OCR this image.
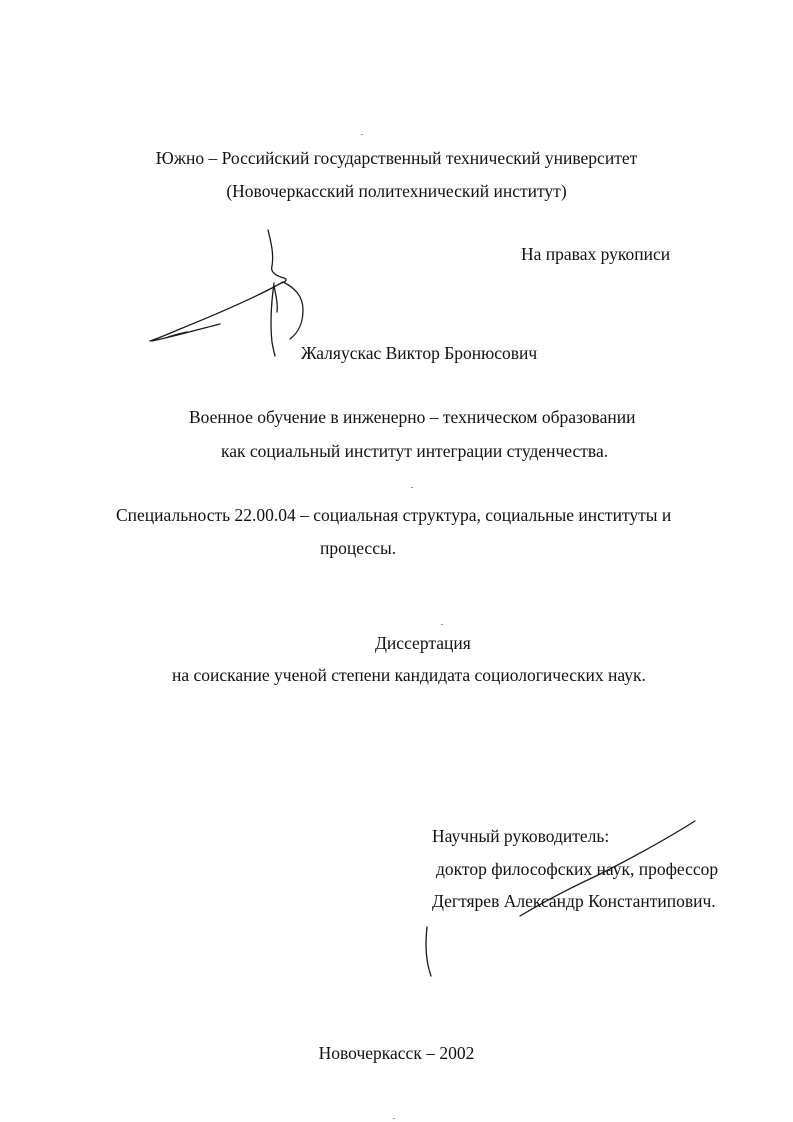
Южно – Российский государственный технический университет
(Новочеркасский политехнический институт)
На правах рукописи
Жаляускас Виктор Бронюсович
Военное обучение в инженерно – техническом образовании
как социальный институт интеграции студенчества.
Специальность 22.00.04 – социальная структура, социальные институты и
процессы.
Диссертация
на соискание ученой степени кандидата социологических наук.
Научный руководитель:
доктор философских наук, профессор
Дегтярев Александр Константипович.
Новочеркасск – 2002
